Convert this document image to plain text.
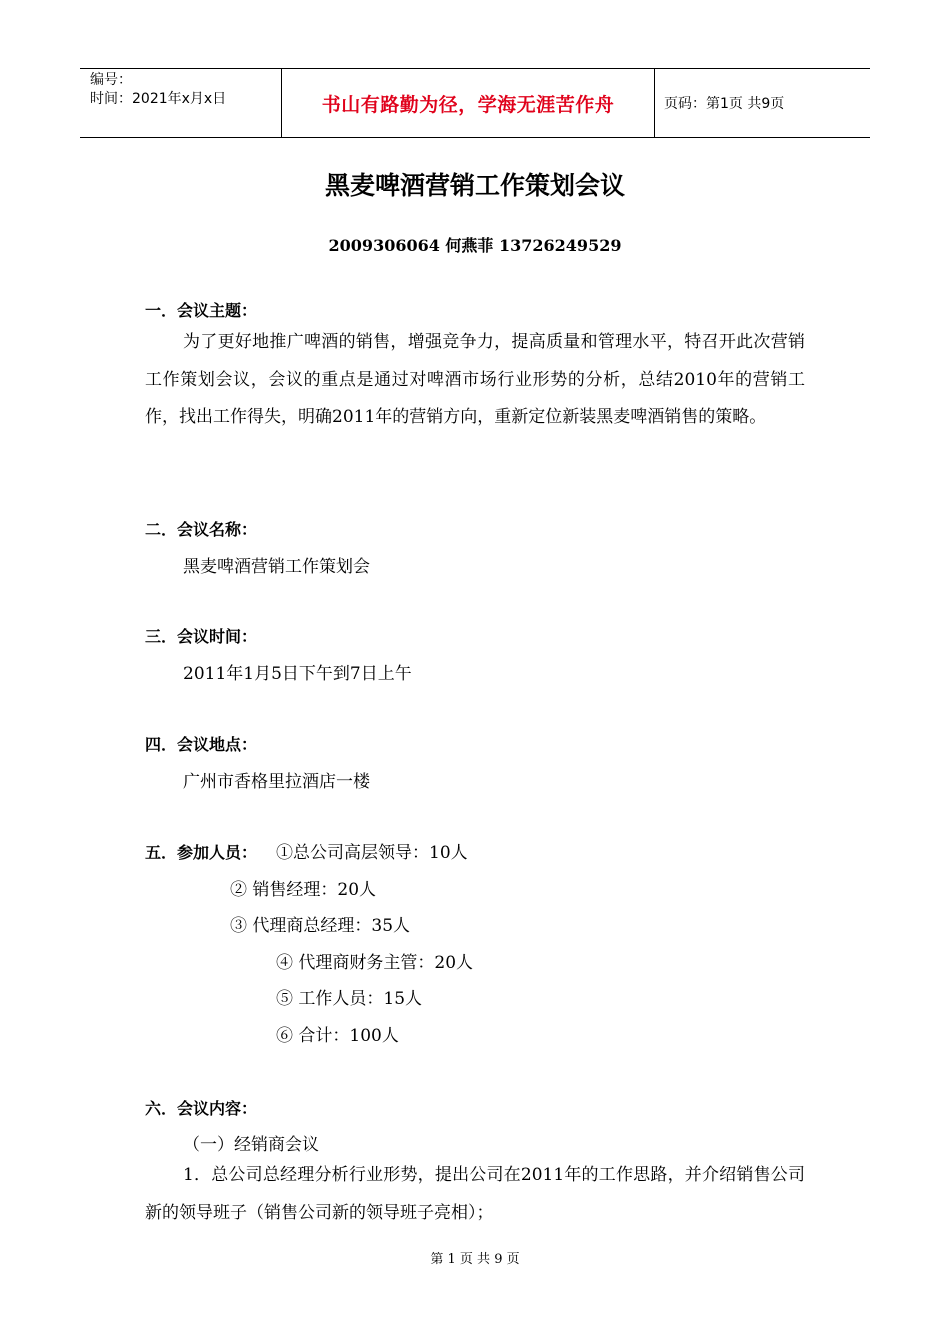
编号：
时间：2021年x月x日	书山有路勤为径，学海无涯苦作舟	页码：第1页 共9页
黑麦啤酒营销工作策划会议
2009306064 何燕菲 13726249529
一．会议主题：

为了更好地推广啤酒的销售，增强竞争力，提高质量和管理水平，特召开此次营销工作策划会议，会议的重点是通过对啤酒市场行业形势的分析，总结2010年的营销工作，找出工作得失，明确2011年的营销方向，重新定位新装黑麦啤酒销售的策略。

二．会议名称：
黑麦啤酒营销工作策划会
三．会议时间：
2011年1月5日下午到7日上午
四．会议地点：
广州市香格里拉酒店一楼
五．参加人员： ①总公司高层领导：10人
② 销售经理：20人
③ 代理商总经理：35人
④ 代理商财务主管：20人
⑤ 工作人员：15人
⑥ 合计：100人
六．会议内容：
（一）经销商会议

1．总公司总经理分析行业形势，提出公司在2011年的工作思路，并介绍销售公司新的领导班子（销售公司新的领导班子亮相）；

第 1 页 共 9 页
